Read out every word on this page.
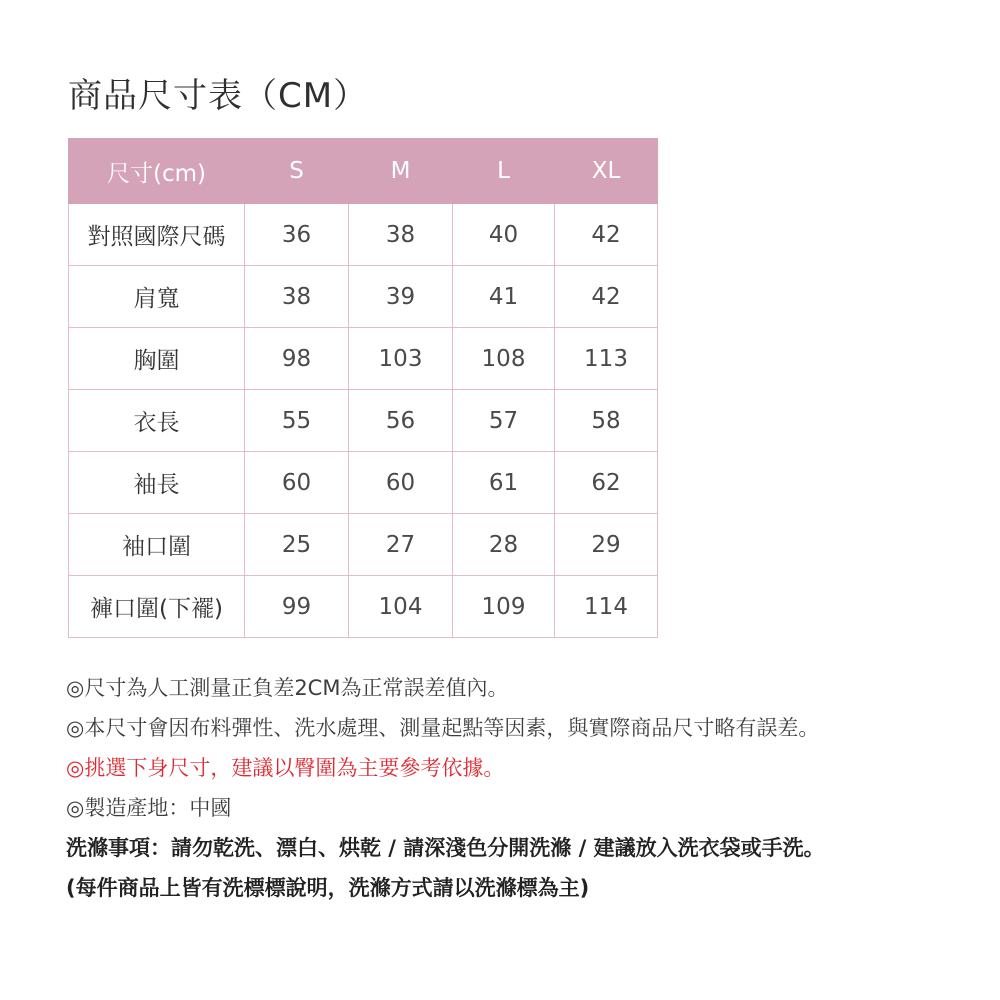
商品尺寸表（CM）
尺寸(cm)	S	M	L	XL
對照國際尺碼	36	38	40	42
肩寬	38	39	41	42
胸圍	98	103	108	113
衣長	55	56	57	58
袖長	60	60	61	62
袖口圍	25	27	28	29
褲口圍(下襬)	99	104	109	114

◎尺寸為人工測量正負差2CM為正常誤差值內。

◎本尺寸會因布料彈性、洗水處理、測量起點等因素，與實際商品尺寸略有誤差。

◎挑選下身尺寸，建議以臀圍為主要參考依據。

◎製造產地：中國

洗滌事項：請勿乾洗、漂白、烘乾 / 請深淺色分開洗滌 / 建議放入洗衣袋或手洗。

(每件商品上皆有洗標標說明，洗滌方式請以洗滌標為主)
